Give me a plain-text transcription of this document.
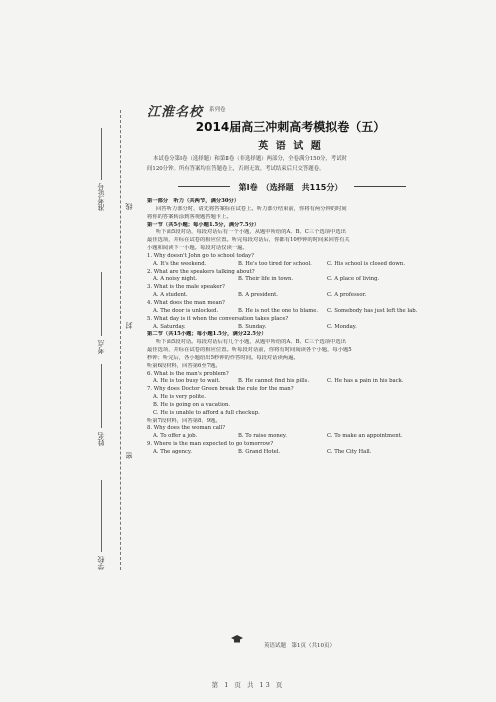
准考证号	线
考点
封
姓名
密
学校
江淮名校 系列卷
2014届高三冲刺高考模拟卷（五）
英 语 试 题
本试卷分第Ⅰ卷（选择题）和第Ⅱ卷（非选择题）两部分，全卷满分150分，考试时
间120分钟。所有答案均在答题卷上，否则无效。考试结束后只交答题卷。
第Ⅰ卷　（选择题　共115分）
第一部分　听力（共两节，满分30分）
回答听力部分时，请先将答案标在试卷上。听力部分结束前，你将有两分钟的时间
将你的答案转涂到客观题答题卡上。
第一节（共5小题；每小题1.5分，满分7.5分）
听下面5段对话，每段对话后有一个小题，从题中所给的A、B、C三个选项中选出
最佳选项，并标在试卷的相应位置。听完每段对话后，你都有10秒钟的时间来回答有关
小题和阅读下一小题。每段对话仅读一遍。
1. Why doesn't John go to school today?
A. It's the weekend.	B. He's too tired for school.	C. His school is closed down.
2. What are the speakers talking about?
A. A noisy night.	B. Their life in town.	C. A place of living.
3. What is the male speaker?
A. A student.	B. A president.	C. A professor.
4. What does the man mean?
A. The door is unlocked.	B. He is not the one to blame.	C. Somebody has just left the lab.
5. What day is it when the conversation takes place?
A. Saturday.	B. Sunday.	C. Monday.
第二节（共15小题；每小题1.5分，满分22.5分）
听下面5段对话。每段对话后有几个小题，从题中所给的A、B、C三个选项中选出
最佳选项，并标在试卷的相应位置。听每段对话前，你将有时间阅读各个小题，每小题5
秒钟；听完后，各小题给出5秒钟的作答时间。每段对话读两遍。
听第6段材料，回答第6至7题。
6. What is the man's problem?
A. He is too busy to wait.	B. He cannot find his pills.	C. He has a pain in his back.
7. Why does Doctor Green break the rule for the man?
A. He is very polite.
B. He is going on a vacation.
C. He is unable to afford a full checkup.
听第7段材料，回答第8、9题。
8. Why does the woman call?
A. To offer a job.	B. To raise money.	C. To make an appointment.
9. Where is the man expected to go tomorrow?
A. The agency.	B. Grand Hotel.	C. The City Hall.
英语试题　第1页（共10页）
第 1 页 共 13 页
